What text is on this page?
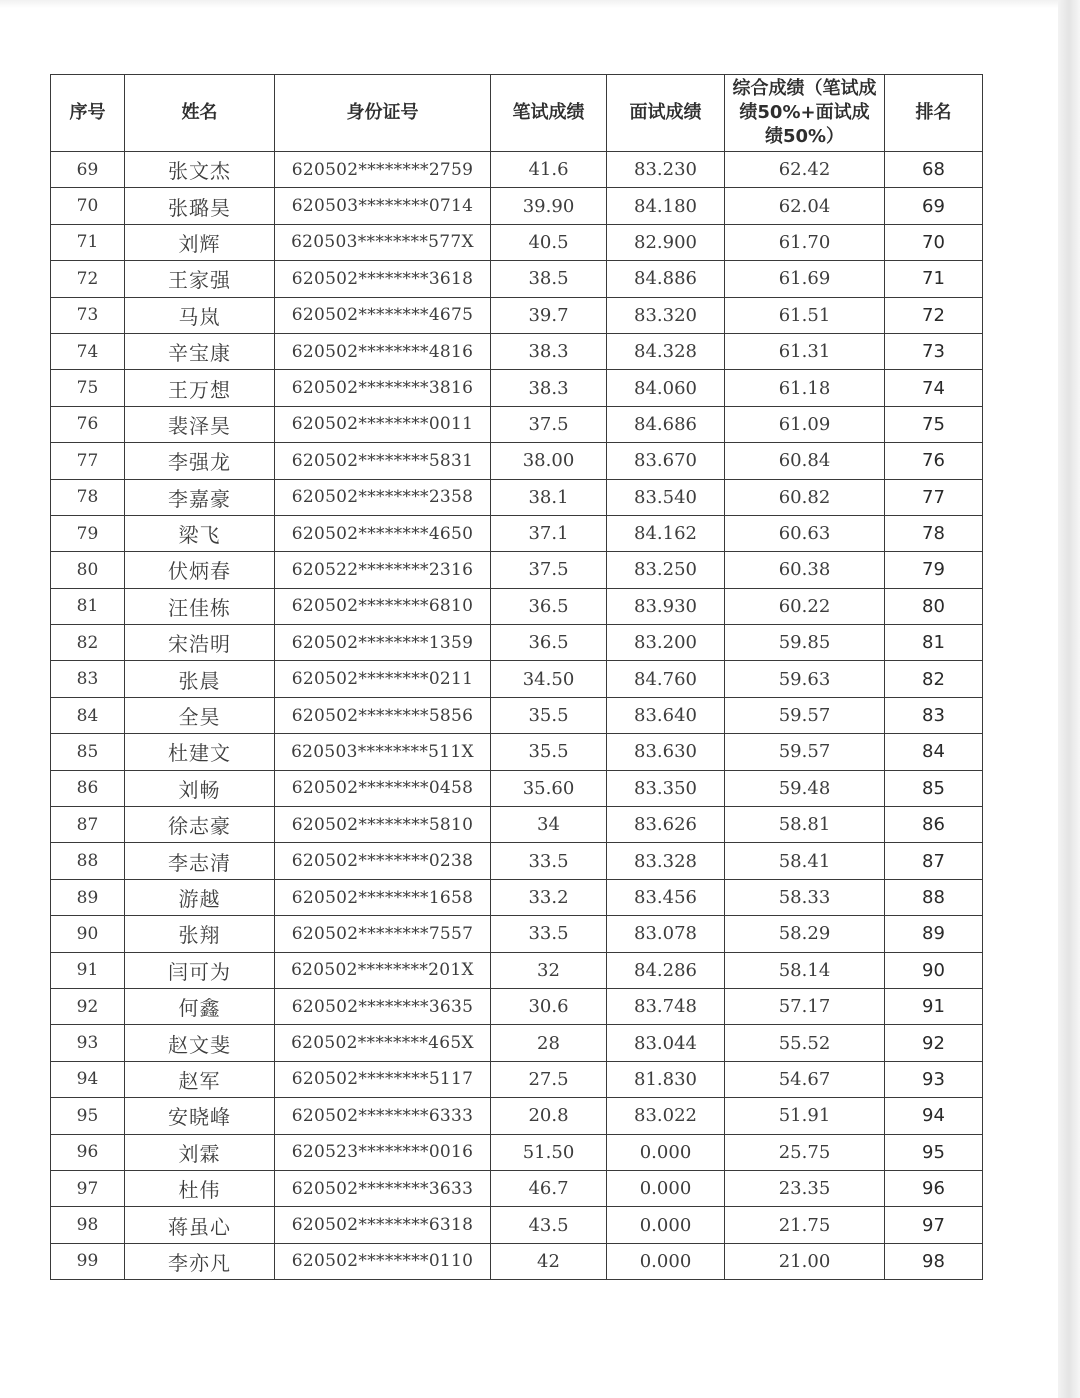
序号	姓名	身份证号	笔试成绩	面试成绩	综合成绩（笔试成绩50%+面试成绩50%）	排名
69	张文杰	620502********2759	41.6	83.230	62.42	68
70	张璐昊	620503********0714	39.90	84.180	62.04	69
71	刘辉	620503********577X	40.5	82.900	61.70	70
72	王家强	620502********3618	38.5	84.886	61.69	71
73	马岚	620502********4675	39.7	83.320	61.51	72
74	辛宝康	620502********4816	38.3	84.328	61.31	73
75	王万想	620502********3816	38.3	84.060	61.18	74
76	裴泽昊	620502********0011	37.5	84.686	61.09	75
77	李强龙	620502********5831	38.00	83.670	60.84	76
78	李嘉豪	620502********2358	38.1	83.540	60.82	77
79	梁飞	620502********4650	37.1	84.162	60.63	78
80	伏炳春	620522********2316	37.5	83.250	60.38	79
81	汪佳栋	620502********6810	36.5	83.930	60.22	80
82	宋浩明	620502********1359	36.5	83.200	59.85	81
83	张晨	620502********0211	34.50	84.760	59.63	82
84	全昊	620502********5856	35.5	83.640	59.57	83
85	杜建文	620503********511X	35.5	83.630	59.57	84
86	刘畅	620502********0458	35.60	83.350	59.48	85
87	徐志豪	620502********5810	34	83.626	58.81	86
88	李志清	620502********0238	33.5	83.328	58.41	87
89	游越	620502********1658	33.2	83.456	58.33	88
90	张翔	620502********7557	33.5	83.078	58.29	89
91	闫可为	620502********201X	32	84.286	58.14	90
92	何鑫	620502********3635	30.6	83.748	57.17	91
93	赵文斐	620502********465X	28	83.044	55.52	92
94	赵军	620502********5117	27.5	81.830	54.67	93
95	安晓峰	620502********6333	20.8	83.022	51.91	94
96	刘霖	620523********0016	51.50	0.000	25.75	95
97	杜伟	620502********3633	46.7	0.000	23.35	96
98	蒋虽心	620502********6318	43.5	0.000	21.75	97
99	李亦凡	620502********0110	42	0.000	21.00	98
